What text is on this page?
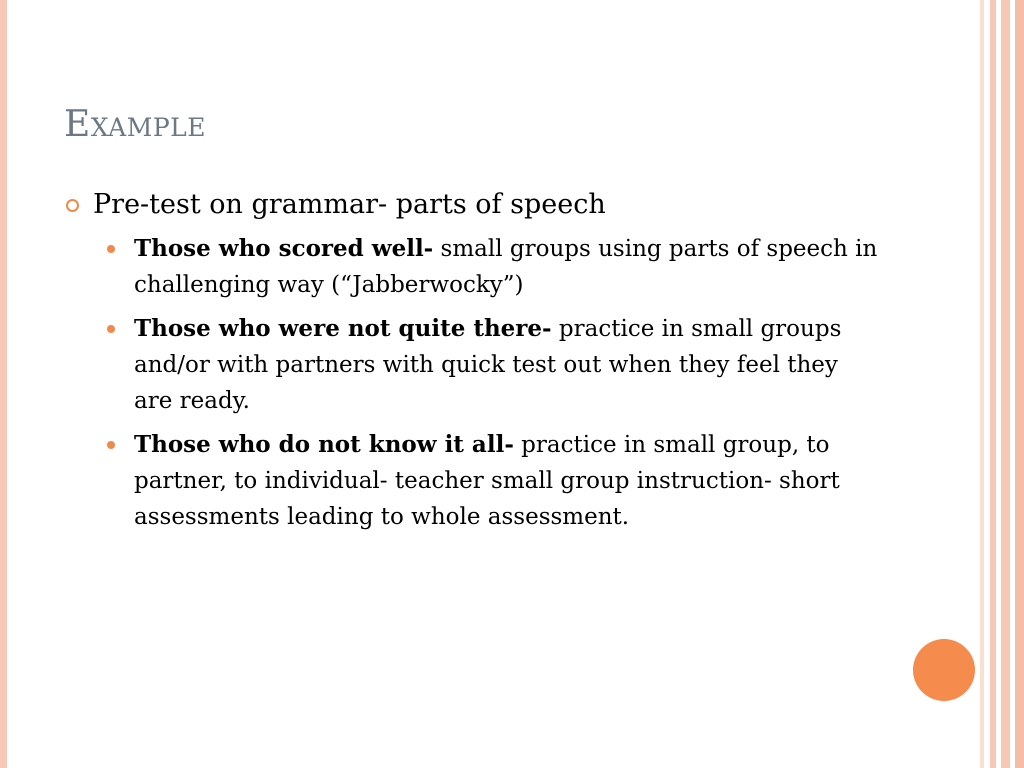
Example
Pre-test on grammar- parts of speech
Those who scored well- small groups using parts of speech in challenging way (“Jabberwocky”)
Those who were not quite there- practice in small groups and/or with partners with quick test out when they feel they are ready.
Those who do not know it all- practice in small group, to partner, to individual- teacher small group instruction- short assessments leading to whole assessment.
